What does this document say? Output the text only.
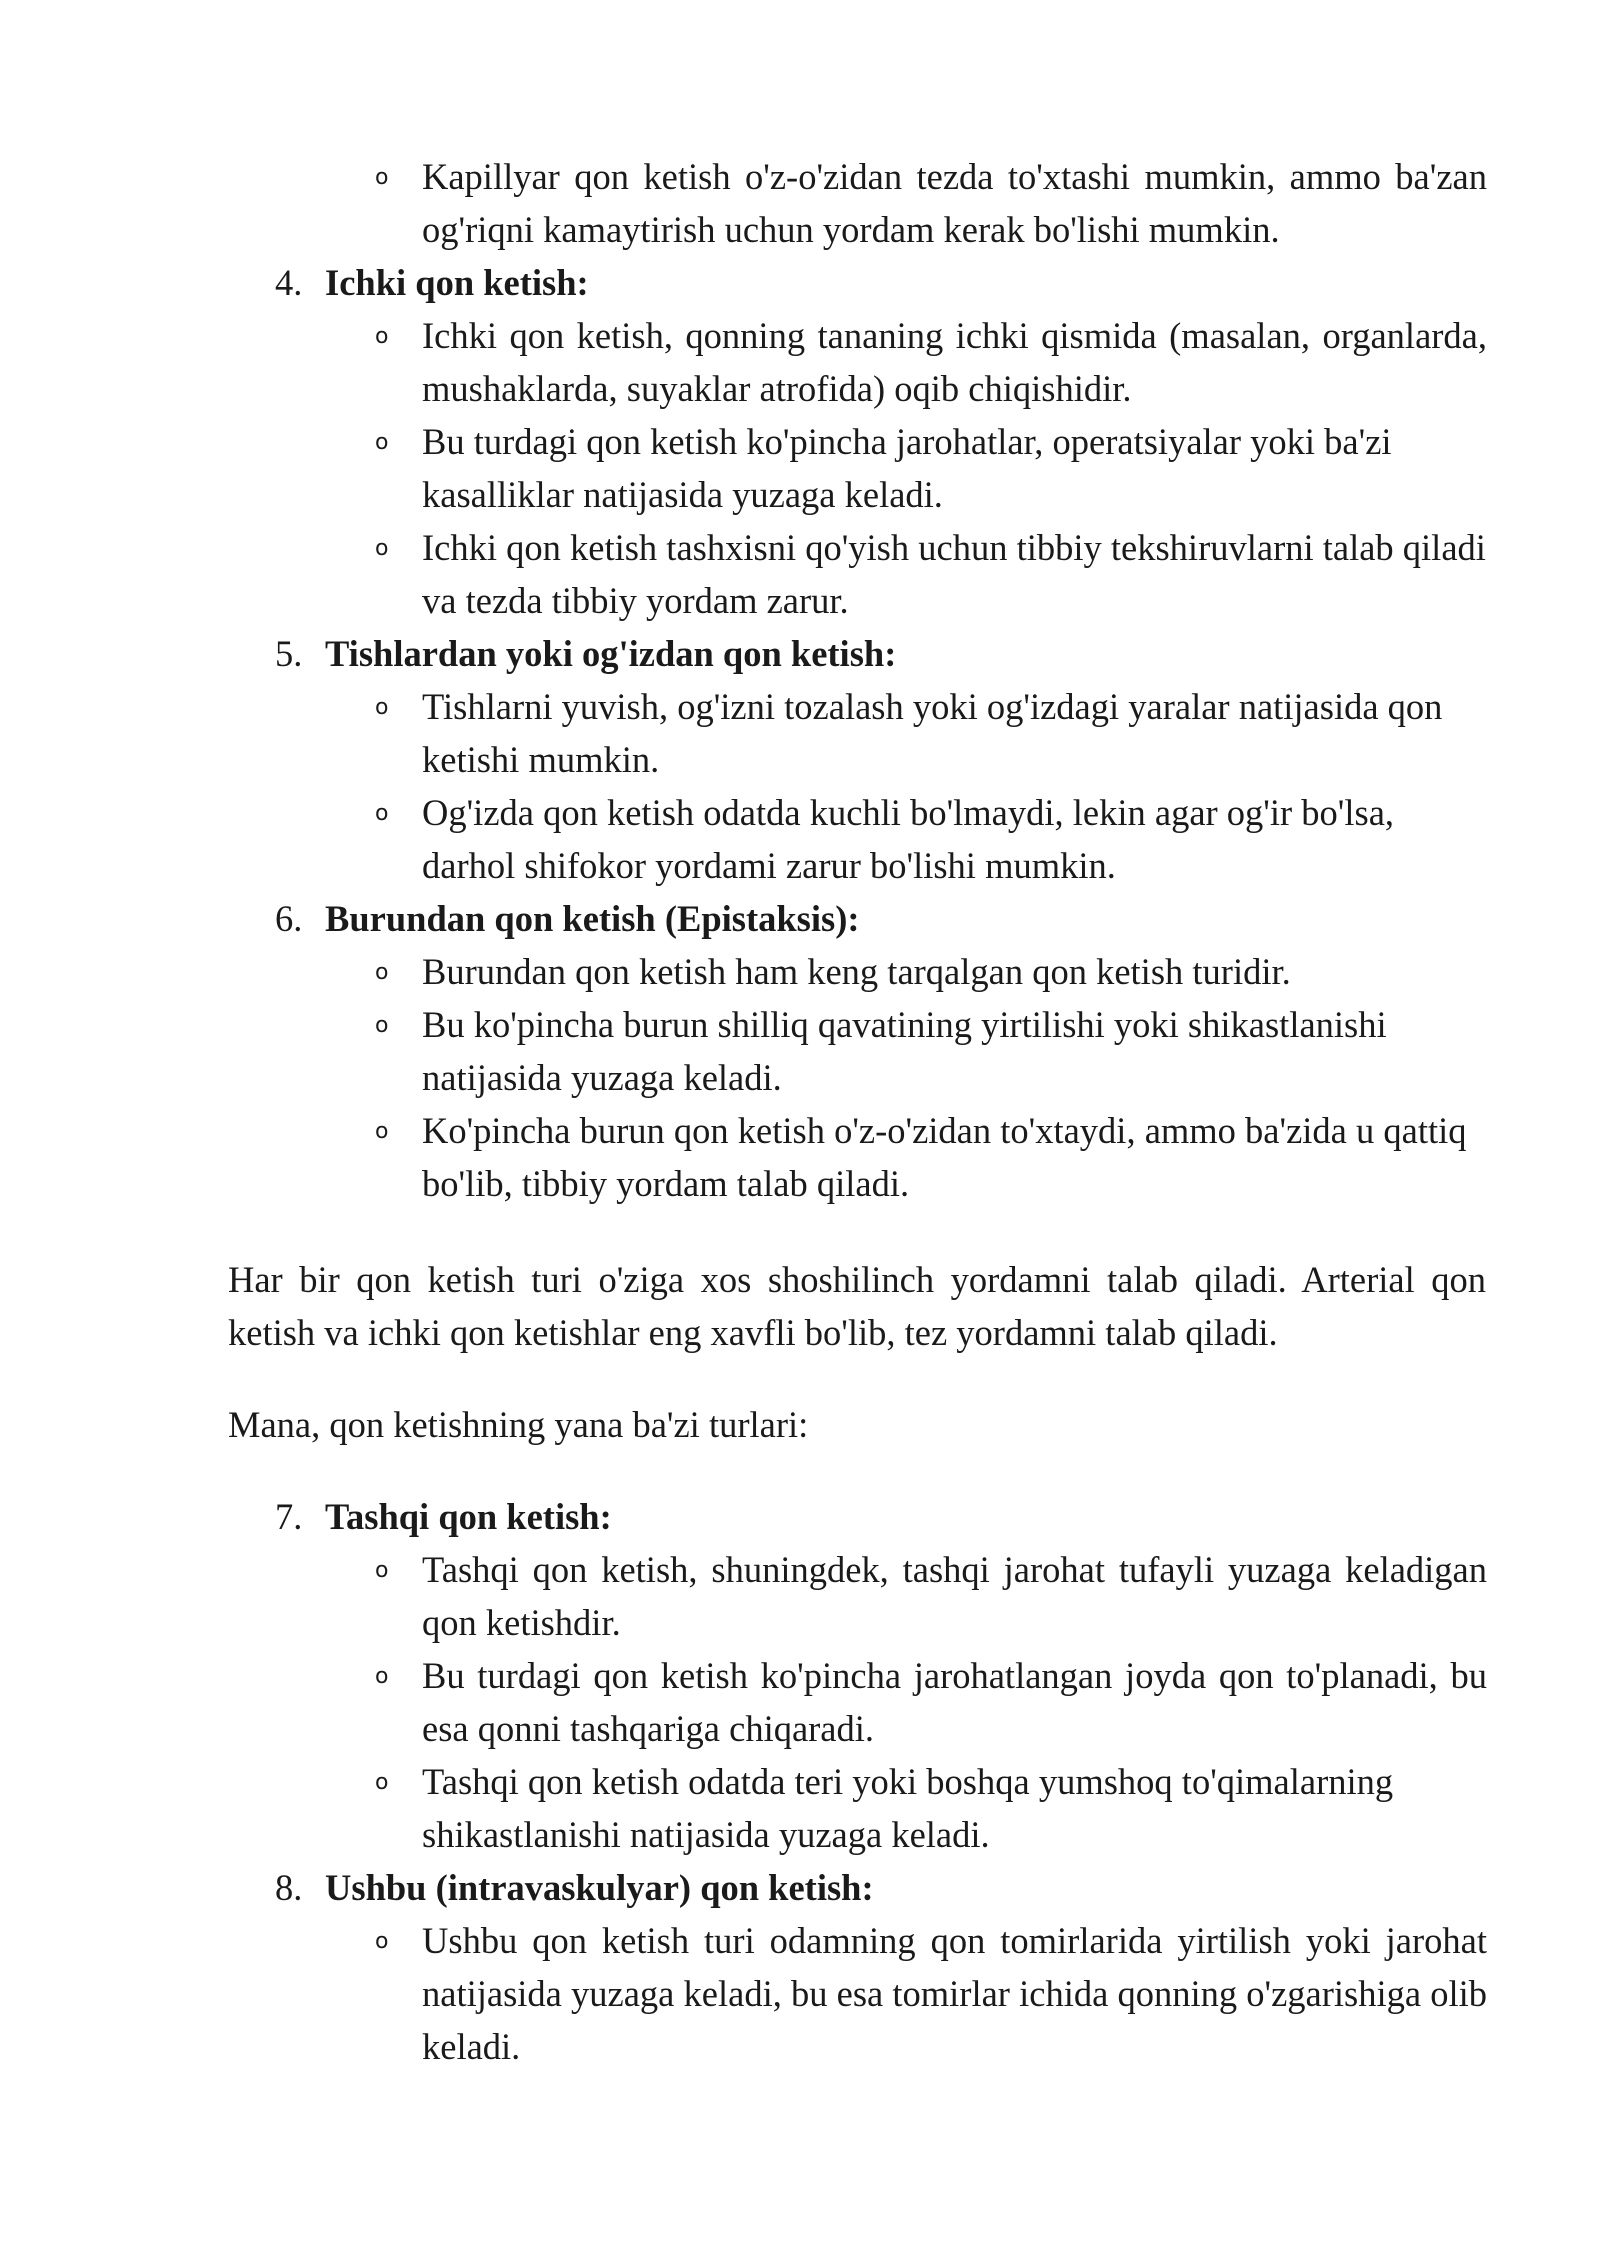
o Kapillyar qon ketish o'z-o'zidan tezda to'xtashi mumkin, ammo ba'zan og'riqni kamaytirish uchun yordam kerak bo'lishi mumkin.
4. Ichki qon ketish:
o Ichki qon ketish, qonning tananing ichki qismida (masalan, organlarda, mushaklarda, suyaklar atrofida) oqib chiqishidir.
o Bu turdagi qon ketish ko'pincha jarohatlar, operatsiyalar yoki ba'zi kasalliklar natijasida yuzaga keladi.
o Ichki qon ketish tashxisni qo'yish uchun tibbiy tekshiruvlarni talab qiladi va tezda tibbiy yordam zarur.
5. Tishlardan yoki og'izdan qon ketish:
o Tishlarni yuvish, og'izni tozalash yoki og'izdagi yaralar natijasida qon ketishi mumkin.
o Og'izda qon ketish odatda kuchli bo'lmaydi, lekin agar og'ir bo'lsa, darhol shifokor yordami zarur bo'lishi mumkin.
6. Burundan qon ketish (Epistaksis):
o Burundan qon ketish ham keng tarqalgan qon ketish turidir.
o Bu ko'pincha burun shilliq qavatining yirtilishi yoki shikastlanishi natijasida yuzaga keladi.
o Ko'pincha burun qon ketish o'z-o'zidan to'xtaydi, ammo ba'zida u qattiq bo'lib, tibbiy yordam talab qiladi.
Har bir qon ketish turi o'ziga xos shoshilinch yordamni talab qiladi. Arterial qon ketish va ichki qon ketishlar eng xavfli bo'lib, tez yordamni talab qiladi.
Mana, qon ketishning yana ba'zi turlari:
7. Tashqi qon ketish:
o Tashqi qon ketish, shuningdek, tashqi jarohat tufayli yuzaga keladigan qon ketishdir.
o Bu turdagi qon ketish ko'pincha jarohatlangan joyda qon to'planadi, bu esa qonni tashqariga chiqaradi.
o Tashqi qon ketish odatda teri yoki boshqa yumshoq to'qimalarning shikastlanishi natijasida yuzaga keladi.
8. Ushbu (intravaskulyar) qon ketish:
o Ushbu qon ketish turi odamning qon tomirlarida yirtilish yoki jarohat natijasida yuzaga keladi, bu esa tomirlar ichida qonning o'zgarishiga olib keladi.
